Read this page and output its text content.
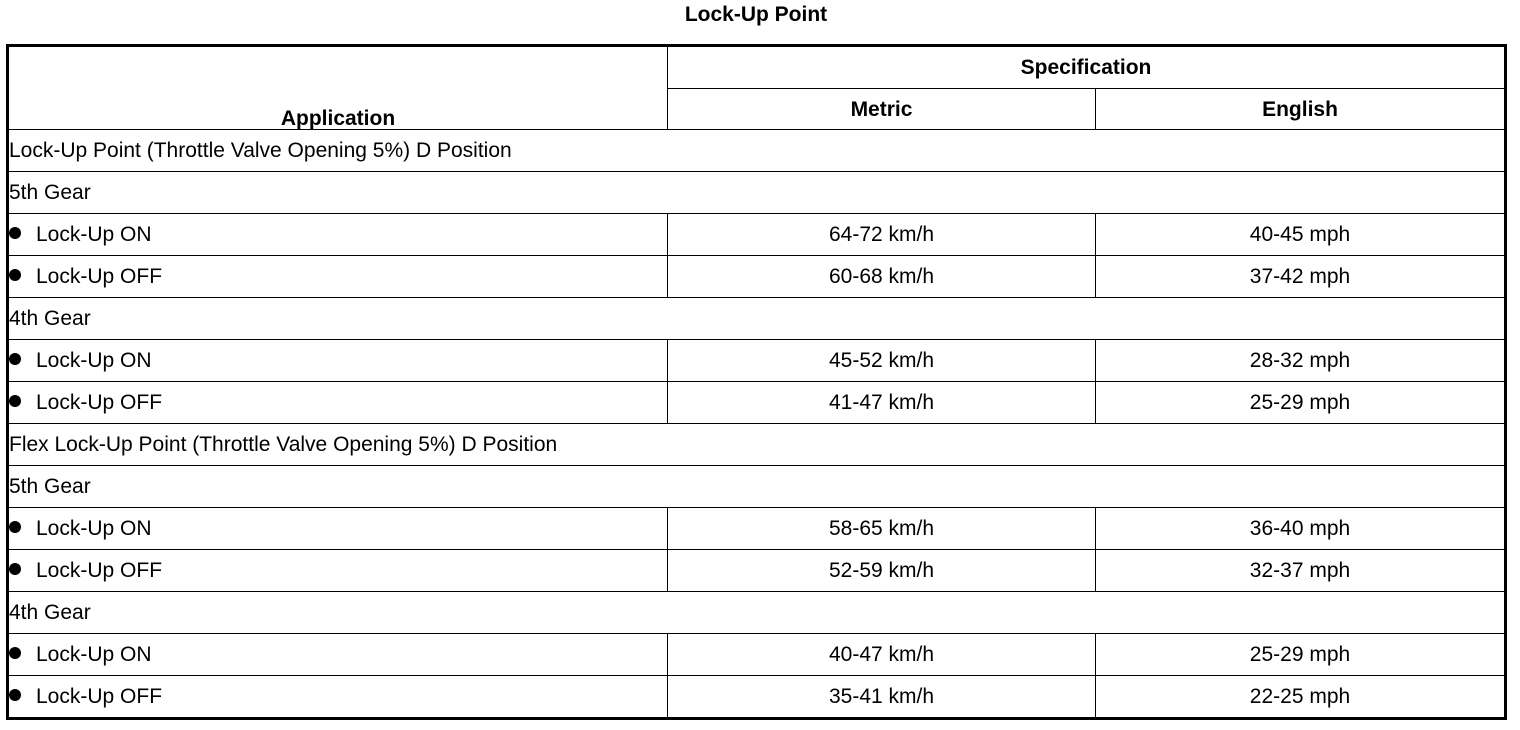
Lock-Up Point
Application	Specification	
	Metric	English
Lock-Up Point (Throttle Valve Opening 5%) D Position		
5th Gear		
Lock-Up ON	64-72 km/h	40-45 mph
Lock-Up OFF	60-68 km/h	37-42 mph
4th Gear		
Lock-Up ON	45-52 km/h	28-32 mph
Lock-Up OFF	41-47 km/h	25-29 mph
Flex Lock-Up Point (Throttle Valve Opening 5%) D Position		
5th Gear		
Lock-Up ON	58-65 km/h	36-40 mph
Lock-Up OFF	52-59 km/h	32-37 mph
4th Gear		
Lock-Up ON	40-47 km/h	25-29 mph
Lock-Up OFF	35-41 km/h	22-25 mph
